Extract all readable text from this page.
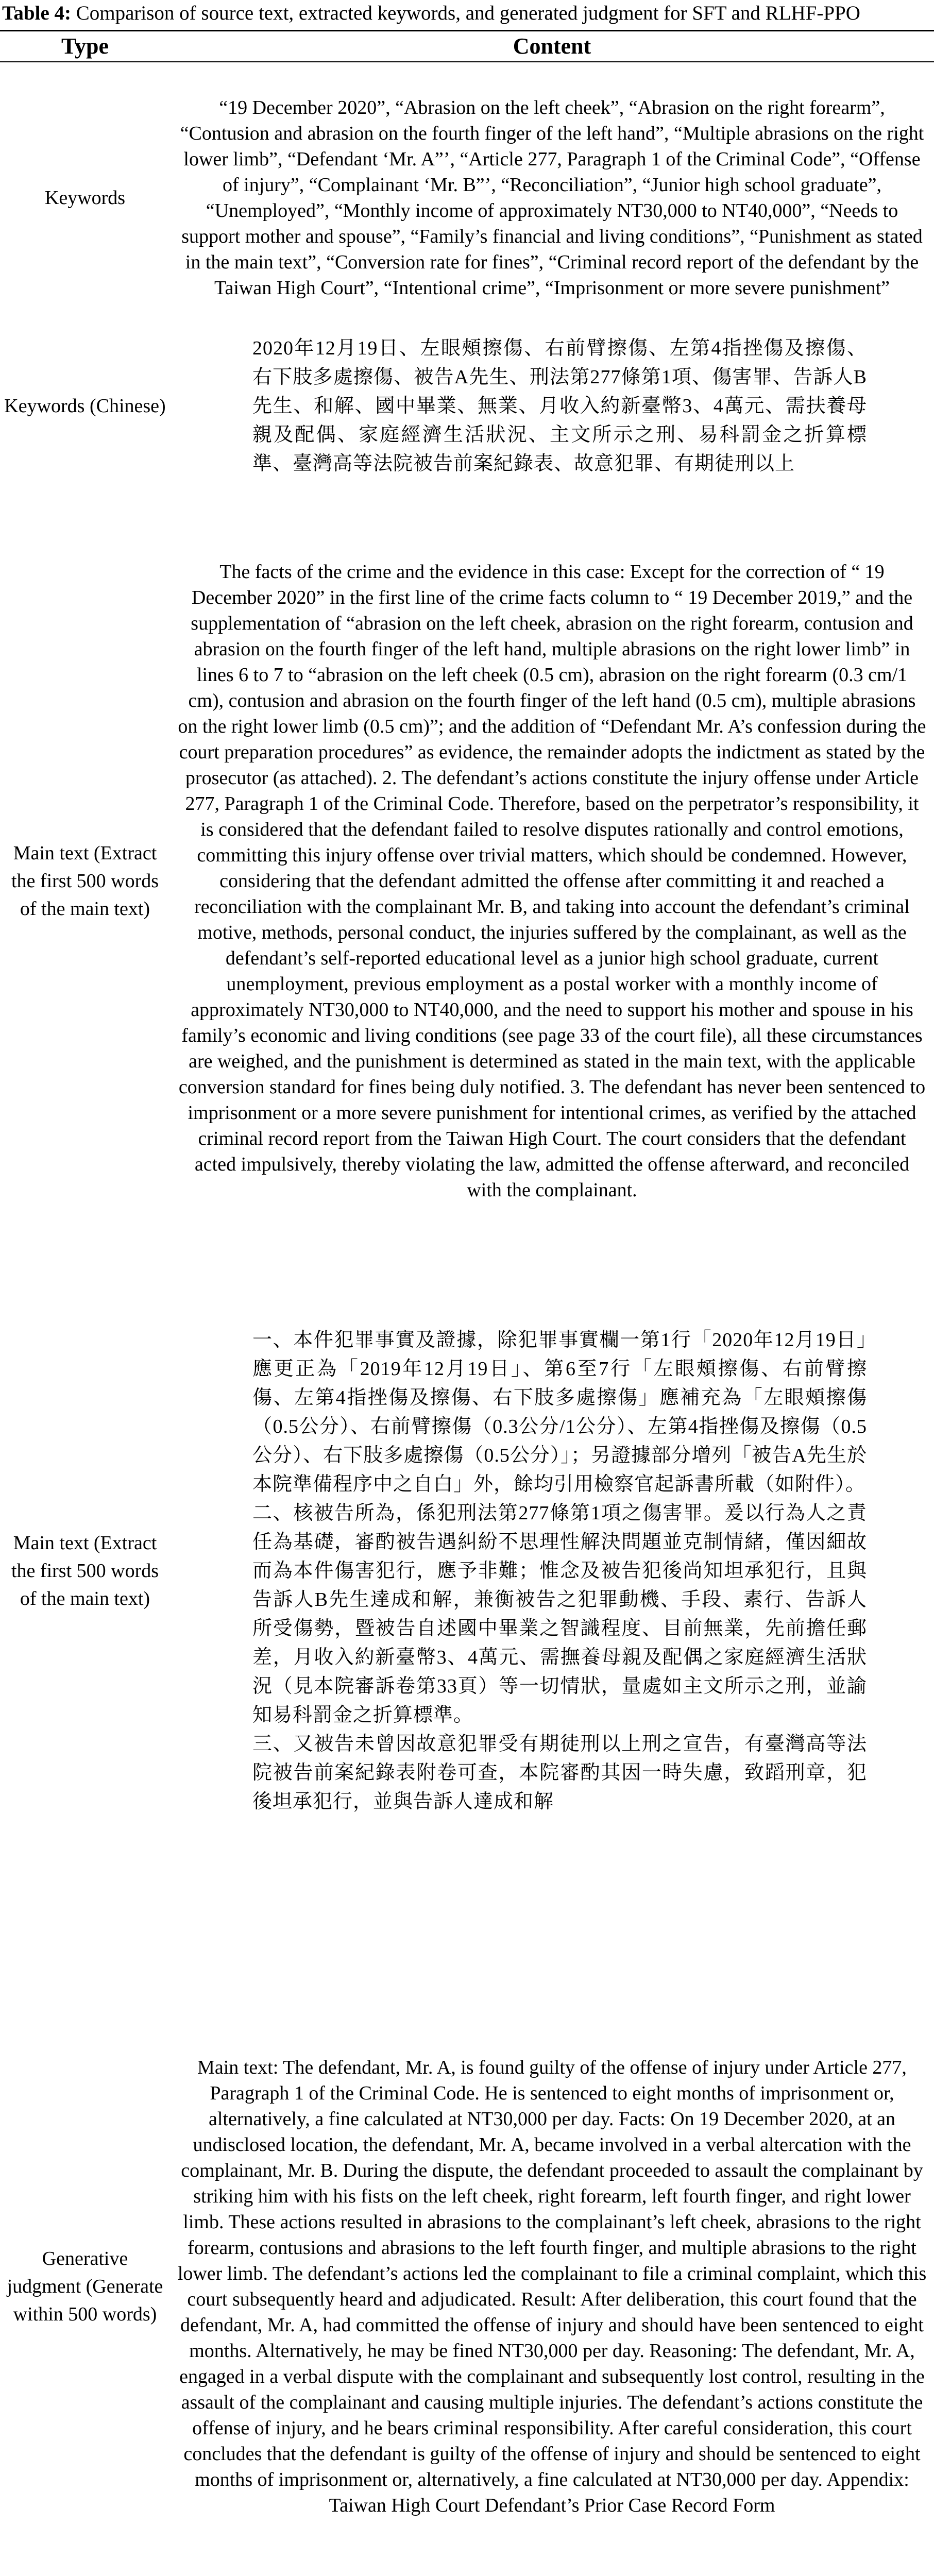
Table 4: Comparison of source text, extracted keywords, and generated judgment for SFT and RLHF-PPO
Type	Content
Keywords	“19 December 2020”, “Abrasion on the left cheek”, “Abrasion on the right forearm”, “Contusion and abrasion on the fourth finger of the left hand”, “Multiple abrasions on the right lower limb”, “Defendant ‘Mr. A”’, “Article 277, Paragraph 1 of the Criminal Code”, “Offense of injury”, “Complainant ‘Mr. B”’, “Reconciliation”, “Junior high school graduate”, “Unemployed”, “Monthly income of approximately NT30,000 to NT40,000”, “Needs to support mother and spouse”, “Family’s financial and living conditions”, “Punishment as stated in the main text”, “Conversion rate for fines”, “Criminal record report of the defendant by the Taiwan High Court”, “Intentional crime”, “Imprisonment or more severe punishment”
Keywords (Chinese)	2020年12月19日、左眼頰擦傷、右前臂擦傷、左第4指挫傷及擦傷、右下肢多處擦傷、被告A先生、刑法第277條第1項、傷害罪、告訴人B先生、和解、國中畢業、無業、月收入約新臺幣3、4萬元、需扶養母親及配偶、家庭經濟生活狀況、主文所示之刑、易科罰金之折算標準、臺灣高等法院被告前案紀錄表、故意犯罪、有期徒刑以上
Main text (Extract the first 500 words of the main text)	The facts of the crime and the evidence in this case: Except for the correction of “ 19 December 2020” in the first line of the crime facts column to “ 19 December 2019,” and the supplementation of “abrasion on the left cheek, abrasion on the right forearm, contusion and abrasion on the fourth finger of the left hand, multiple abrasions on the right lower limb” in lines 6 to 7 to “abrasion on the left cheek (0.5 cm), abrasion on the right forearm (0.3 cm/1 cm), contusion and abrasion on the fourth finger of the left hand (0.5 cm), multiple abrasions on the right lower limb (0.5 cm)”; and the addition of “Defendant Mr. A’s confession during the court preparation procedures” as evidence, the remainder adopts the indictment as stated by the prosecutor (as attached). 2. The defendant’s actions constitute the injury offense under Article 277, Paragraph 1 of the Criminal Code. Therefore, based on the perpetrator’s responsibility, it is considered that the defendant failed to resolve disputes rationally and control emotions, committing this injury offense over trivial matters, which should be condemned. However, considering that the defendant admitted the offense after committing it and reached a reconciliation with the complainant Mr. B, and taking into account the defendant’s criminal motive, methods, personal conduct, the injuries suffered by the complainant, as well as the defendant’s self-reported educational level as a junior high school graduate, current unemployment, previous employment as a postal worker with a monthly income of approximately NT30,000 to NT40,000, and the need to support his mother and spouse in his family’s economic and living conditions (see page 33 of the court file), all these circumstances are weighed, and the punishment is determined as stated in the main text, with the applicable conversion standard for fines being duly notified. 3. The defendant has never been sentenced to imprisonment or a more severe punishment for intentional crimes, as verified by the attached criminal record report from the Taiwan High Court. The court considers that the defendant acted impulsively, thereby violating the law, admitted the offense afterward, and reconciled with the complainant.
Main text (Extract the first 500 words of the main text)	一、本件犯罪事實及證據，除犯罪事實欄一第1行「2020年12月19日」應更正為「2019年12月19日」、第6至7行「左眼頰擦傷、右前臂擦傷、左第4指挫傷及擦傷、右下肢多處擦傷」應補充為「左眼頰擦傷（0.5公分）、右前臂擦傷（0.3公分/1公分）、左第4指挫傷及擦傷（0.5公分）、右下肢多處擦傷（0.5公分）」；另證據部分增列「被告A先生於本院準備程序中之自白」外，餘均引用檢察官起訴書所載（如附件）。

二、核被告所為，係犯刑法第277條第1項之傷害罪。爰以行為人之責任為基礎，審酌被告遇糾紛不思理性解決問題並克制情緒，僅因細故而為本件傷害犯行，應予非難；惟念及被告犯後尚知坦承犯行，且與告訴人B先生達成和解，兼衡被告之犯罪動機、手段、素行、告訴人所受傷勢，暨被告自述國中畢業之智識程度、目前無業，先前擔任郵差，月收入約新臺幣3、4萬元、需撫養母親及配偶之家庭經濟生活狀況（見本院審訴卷第33頁）等一切情狀，量處如主文所示之刑，並諭知易科罰金之折算標準。

三、又被告未曾因故意犯罪受有期徒刑以上刑之宣告，有臺灣高等法院被告前案紀錄表附卷可查，本院審酌其因一時失慮，致蹈刑章，犯後坦承犯行，並與告訴人達成和解

Generative judgment (Generate within 500 words)	Main text: The defendant, Mr. A, is found guilty of the offense of injury under Article 277, Paragraph 1 of the Criminal Code. He is sentenced to eight months of imprisonment or, alternatively, a fine calculated at NT30,000 per day. Facts: On 19 December 2020, at an undisclosed location, the defendant, Mr. A, became involved in a verbal altercation with the complainant, Mr. B. During the dispute, the defendant proceeded to assault the complainant by striking him with his fists on the left cheek, right forearm, left fourth finger, and right lower limb. These actions resulted in abrasions to the complainant’s left cheek, abrasions to the right forearm, contusions and abrasions to the left fourth finger, and multiple abrasions to the right lower limb. The defendant’s actions led the complainant to file a criminal complaint, which this court subsequently heard and adjudicated. Result: After deliberation, this court found that the defendant, Mr. A, had committed the offense of injury and should have been sentenced to eight months. Alternatively, he may be fined NT30,000 per day. Reasoning: The defendant, Mr. A, engaged in a verbal dispute with the complainant and subsequently lost control, resulting in the assault of the complainant and causing multiple injuries. The defendant’s actions constitute the offense of injury, and he bears criminal responsibility. After careful consideration, this court concludes that the defendant is guilty of the offense of injury and should be sentenced to eight months of imprisonment or, alternatively, a fine calculated at NT30,000 per day. Appendix: Taiwan High Court Defendant’s Prior Case Record Form
